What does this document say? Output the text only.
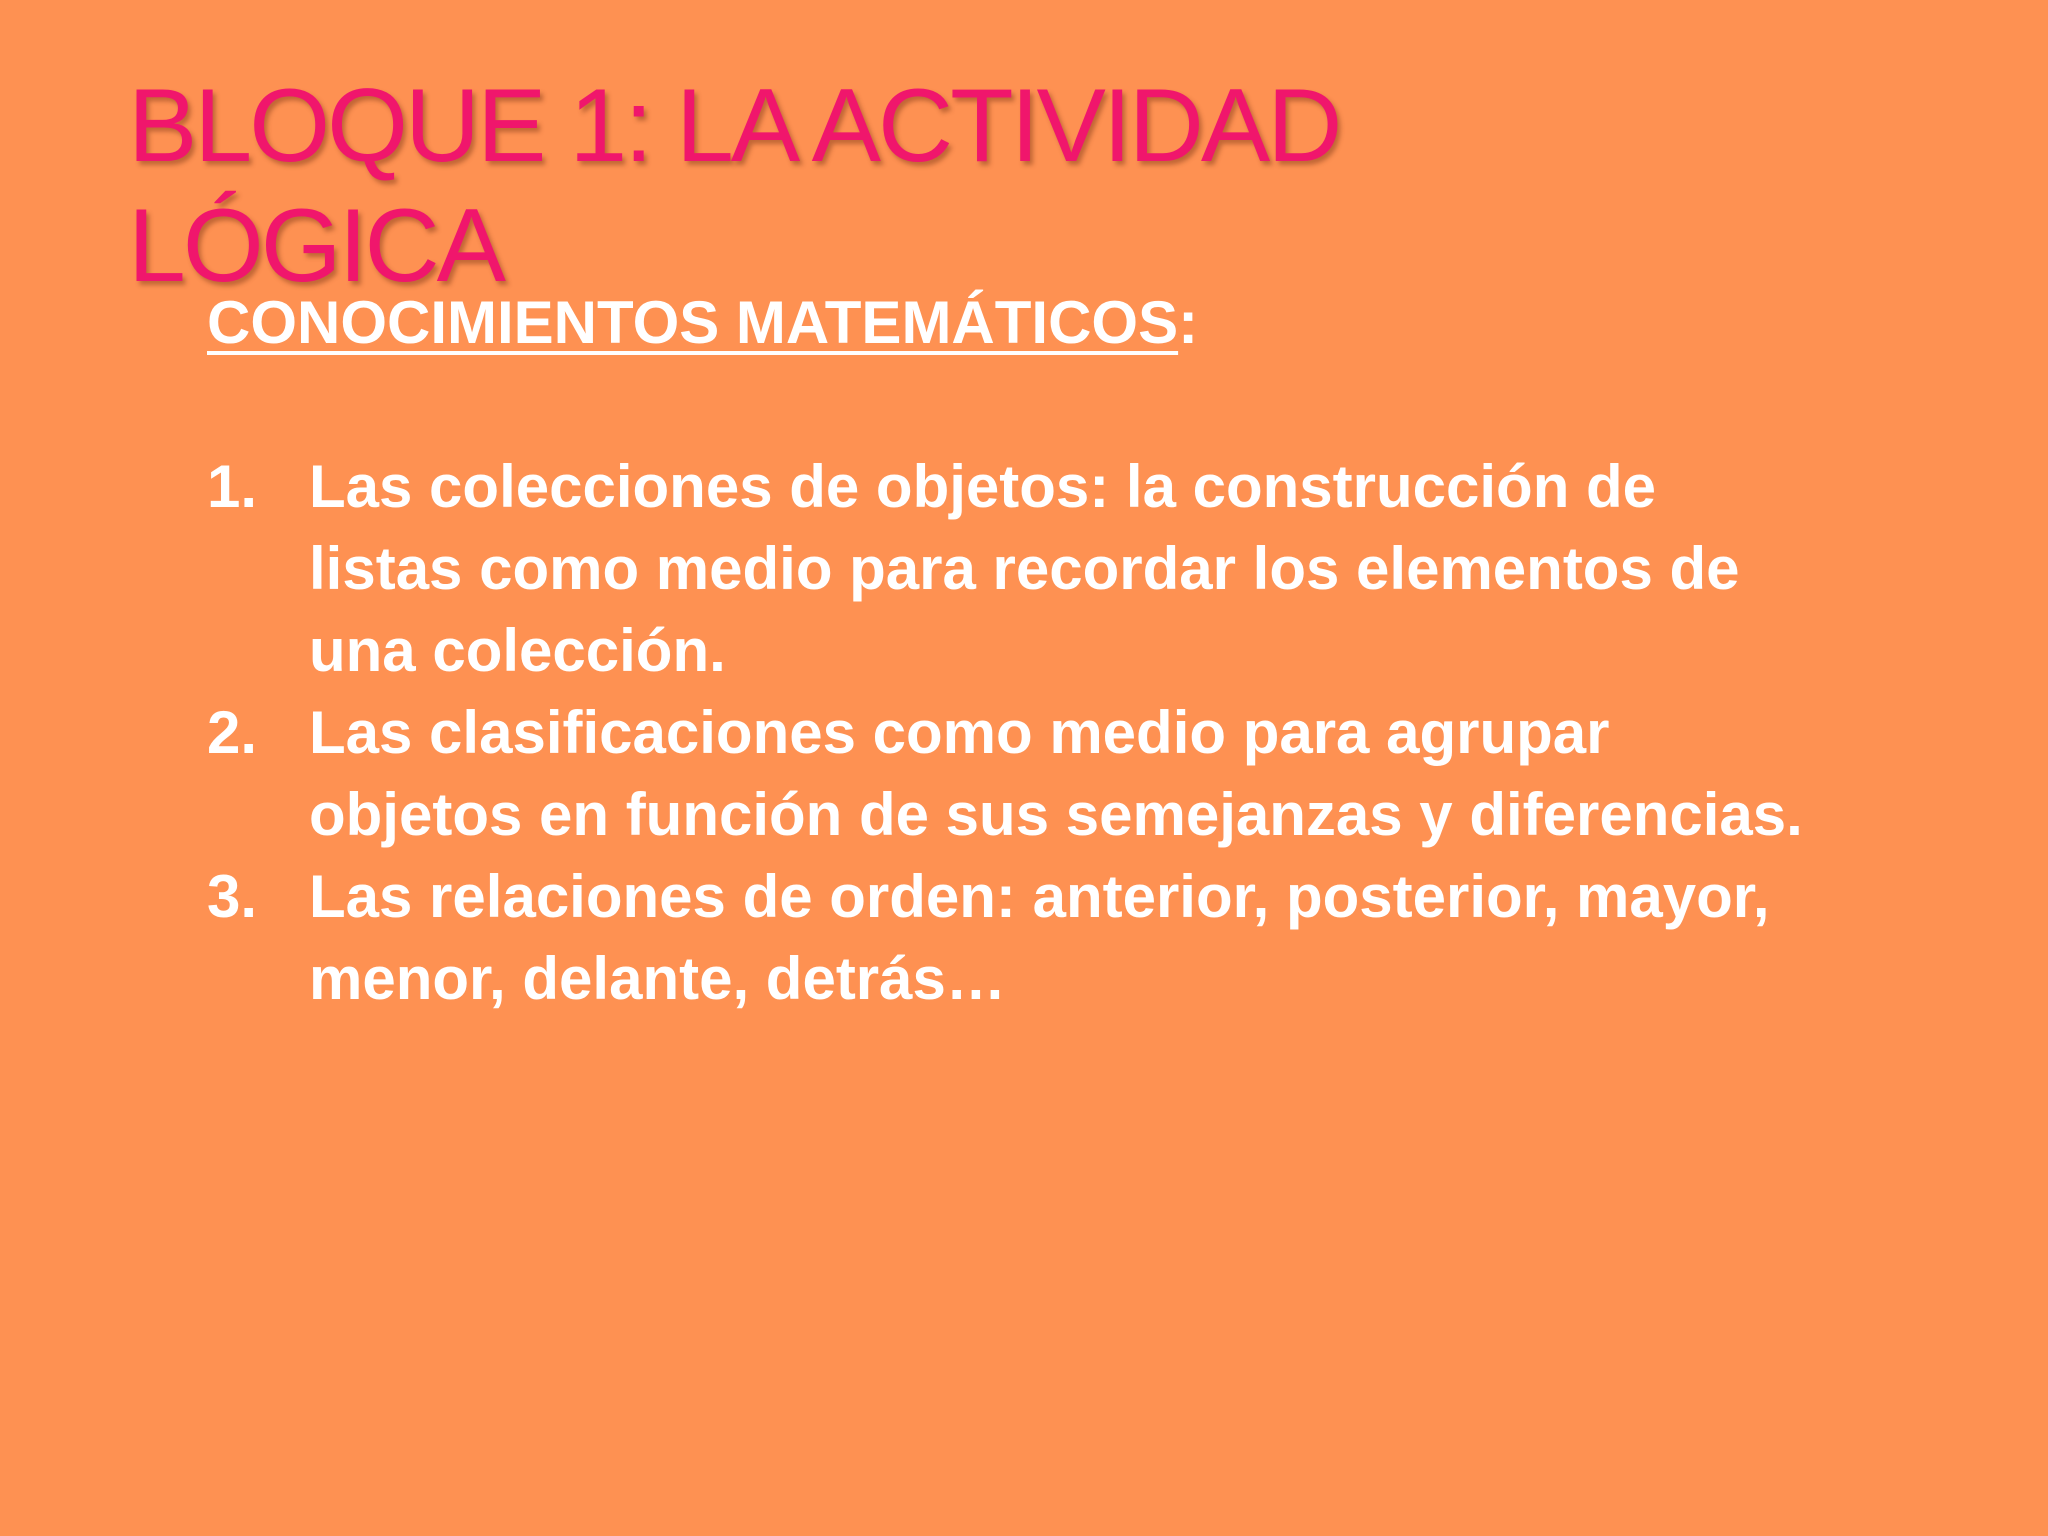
BLOQUE 1: LA ACTIVIDAD
LÓGICA

CONOCIMIENTOS MATEMÁTICOS:

1. Las colecciones de objetos: la construcción de listas como medio para recordar los elementos de una colección.
2. Las clasificaciones como medio para agrupar objetos en función de sus semejanzas y diferencias.
3. Las relaciones de orden: anterior, posterior, mayor, menor, delante, detrás…
